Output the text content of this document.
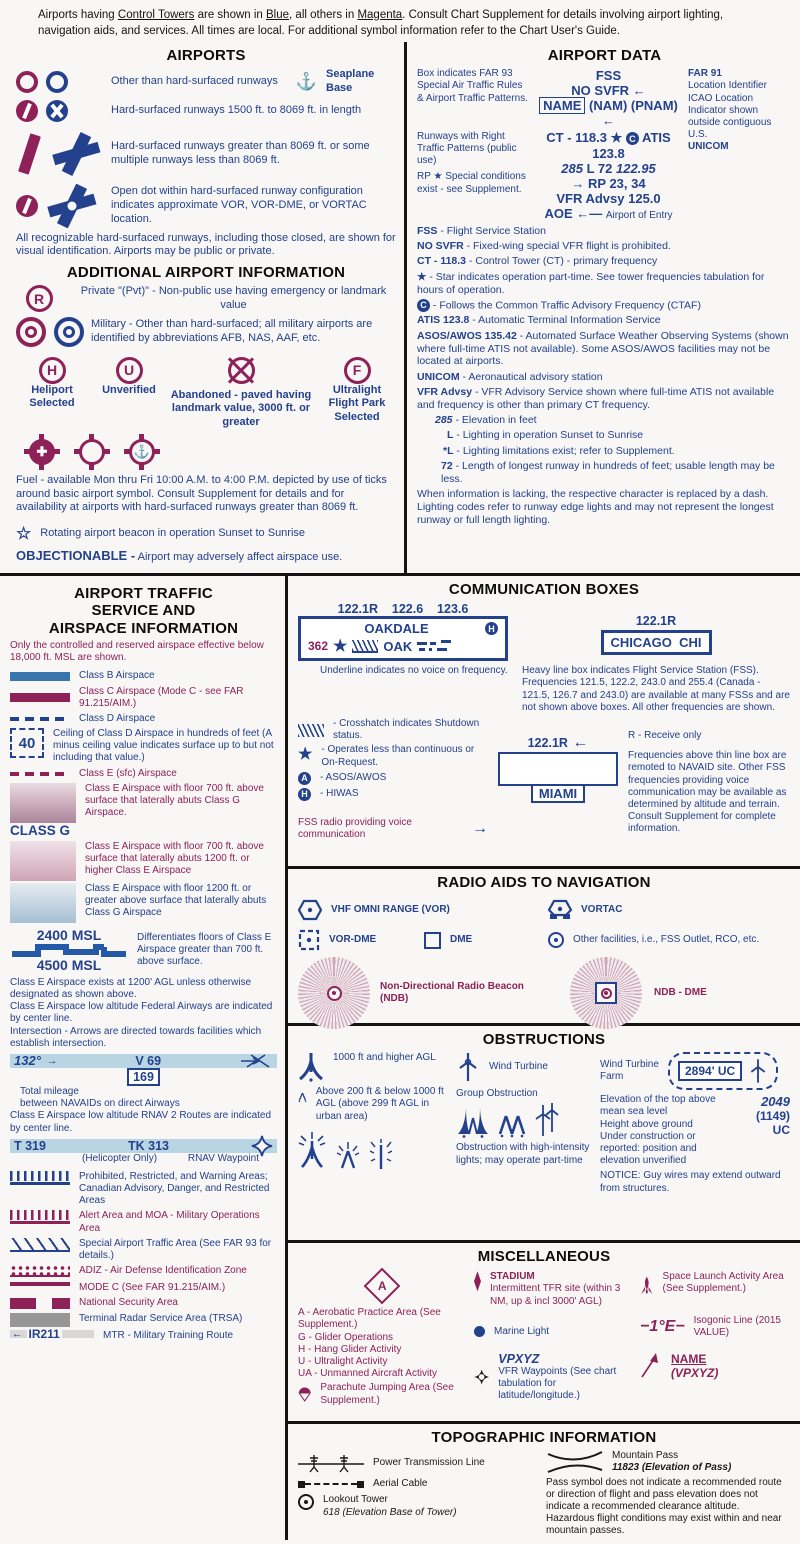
Airports having Control Towers are shown in Blue, all others in Magenta. Consult Chart Supplement for details involving airport lighting, navigation aids, and services. All times are local. For additional symbol information refer to the Chart User's Guide.
AIRPORTS
Other than hard-surfaced runways	⚓ Seaplane Base
Hard-surfaced runways 1500 ft. to 8069 ft. in length
Hard-surfaced runways greater than 8069 ft. or some multiple runways less than 8069 ft.
Open dot within hard-surfaced runway configuration indicates approximate VOR, VOR-DME, or VORTAC location.
All recognizable hard-surfaced runways, including those closed, are shown for visual identification. Airports may be public or private.
ADDITIONAL AIRPORT INFORMATION
R	Private "(Pvt)" - Non-public use having emergency or landmark value
Military - Other than hard-surfaced; all military airports are identified by abbreviations AFB, NAS, AAF, etc.
H
Heliport Selected
U
Unverified	Abandoned - paved having landmark value, 3000 ft. or greater
F
Ultralight Flight Park Selected
✚	⚓
Fuel - available Mon thru Fri 10:00 A.M. to 4:00 P.M. depicted by use of ticks around basic airport symbol. Consult Supplement for details and for availability at airports with hard-surfaced runways greater than 8069 ft.
☆ Rotating airport beacon in operation Sunset to Sunrise
OBJECTIONABLE - Airport may adversely affect airspace use.
AIRPORT DATA
Box indicates FAR 93 Special Air Traffic Rules & Airport Traffic Patterns.
Runways with Right Traffic Patterns (public use)
RP ★ Special conditions exist - see Supplement.
FSS
NO SVFR ←
NAME (NAM) (PNAM) ←
CT - 118.3 ★ C ATIS 123.8
285 L 72 122.95
→ RP 23, 34
VFR Advsy 125.0
AOE ←— Airport of Entry
FAR 91
Location Identifier
ICAO Location Indicator shown outside contiguous U.S.
UNICOM
FSS - Flight Service Station
NO SVFR - Fixed-wing special VFR flight is prohibited.
CT - 118.3 - Control Tower (CT) - primary frequency
★ - Star indicates operation part-time. See tower frequencies tabulation for hours of operation.
C - Follows the Common Traffic Advisory Frequency (CTAF)
ATIS 123.8 - Automatic Terminal Information Service
ASOS/AWOS 135.42 - Automated Surface Weather Observing Systems (shown where full-time ATIS not available). Some ASOS/AWOS facilities may not be located at airports.
UNICOM - Aeronautical advisory station
VFR Advsy - VFR Advisory Service shown where full-time ATIS not available and frequency is other than primary CT frequency.
285 - Elevation in feet
L - Lighting in operation Sunset to Sunrise
*L - Lighting limitations exist; refer to Supplement.
72 - Length of longest runway in hundreds of feet; usable length may be less.
When information is lacking, the respective character is replaced by a dash. Lighting codes refer to runway edge lights and may not represent the longest runway or full length lighting.
AIRPORT TRAFFIC
SERVICE AND
AIRSPACE INFORMATION
Only the controlled and reserved airspace effective below 18,000 ft. MSL are shown.
Class B Airspace
Class C Airspace (Mode C - see FAR 91.215/AIM.)
Class D Airspace
40
Ceiling of Class D Airspace in hundreds of feet (A minus ceiling value indicates surface up to but not including that value.)
Class E (sfc) Airspace
CLASS G
Class E Airspace with floor 700 ft. above surface that laterally abuts Class G Airspace.
Class E Airspace with floor 700 ft. above surface that laterally abuts 1200 ft. or higher Class E Airspace
Class E Airspace with floor 1200 ft. or greater above surface that laterally abuts Class G Airspace
2400 MSL
4500 MSL
Differentiates floors of Class E Airspace greater than 700 ft. above surface.
Class E Airspace exists at 1200' AGL unless otherwise designated as shown above.
Class E Airspace low altitude Federal Airways are indicated by center line.
Intersection - Arrows are directed towards facilities which establish intersection.
132° →	V 69
169
Total mileage
between NAVAIDs on direct Airways
Class E Airspace low altitude RNAV 2 Routes are indicated by center line.
T 319	TK 313
(Helicopter Only)	RNAV Waypoint
Prohibited, Restricted, and Warning Areas; Canadian Advisory, Danger, and Restricted Areas
Alert Area and MOA - Military Operations Area
Special Airport Traffic Area (See FAR 93 for details.)
ADIZ - Air Defense Identification Zone
MODE C (See FAR 91.215/AIM.)
National Security Area
Terminal Radar Service Area (TRSA)
← IR211	MTR - Military Training Route
COMMUNICATION BOXES
122.1R    122.6    123.6
OAKDALE	H
362 ★	OAK
Underline indicates no voice on frequency.
122.1R
CHICAGO  CHI
Heavy line box indicates Flight Service Station (FSS). Frequencies 121.5, 122.2, 243.0 and 255.4 (Canada - 121.5, 126.7 and 243.0) are available at many FSSs and are not shown above boxes. All other frequencies are shown.
- Crosshatch indicates Shutdown status.
★ - Operates less than continuous or On-Request.
A	- ASOS/AWOS
H	- HIWAS
FSS radio providing voice communication	→
122.1R ←
MIAMI
R - Receive only
Frequencies above thin line box are remoted to NAVAID site. Other FSS frequencies providing voice communication may be available as determined by altitude and terrain. Consult Supplement for complete information.
RADIO AIDS TO NAVIGATION
VHF OMNI RANGE (VOR)	VORTAC
VOR-DME	DME	Other facilities, i.e., FSS Outlet, RCO, etc.
Non-Directional Radio Beacon (NDB)
NDB - DME
OBSTRUCTIONS
1000 ft and higher AGL
Above 200 ft & below 1000 ft AGL (above 299 ft AGL in urban area)
Wind Turbine
Group Obstruction
Obstruction with high-intensity lights; may operate part-time
Wind Turbine Farm	2894' UC
Elevation of the top above mean sea level
Height above ground
Under construction or reported: position and elevation unverified
2049
(1149)
UC
NOTICE: Guy wires may extend outward from structures.
MISCELLANEOUS
A
A - Aerobatic Practice Area (See Supplement.)
G - Glider Operations
H - Hang Glider Activity
U - Ultralight Activity
UA - Unmanned Aircraft Activity
Parachute Jumping Area (See Supplement.)
STADIUM
Intermittent TFR site (within 3 NM, up & incl 3000' AGL)
Marine Light
VPXYZ
VFR Waypoints (See chart tabulation for latitude/longitude.)
Space Launch Activity Area (See Supplement.)
−1°E− Isogonic Line (2015 VALUE)
NAME
(VPXYZ)
TOPOGRAPHIC INFORMATION
Power Transmission Line
Aerial Cable
Lookout Tower
618 (Elevation Base of Tower)
Mountain Pass
11823 (Elevation of Pass)
Pass symbol does not indicate a recommended route or direction of flight and pass elevation does not indicate a recommended clearance altitude. Hazardous flight conditions may exist within and near mountain passes.
